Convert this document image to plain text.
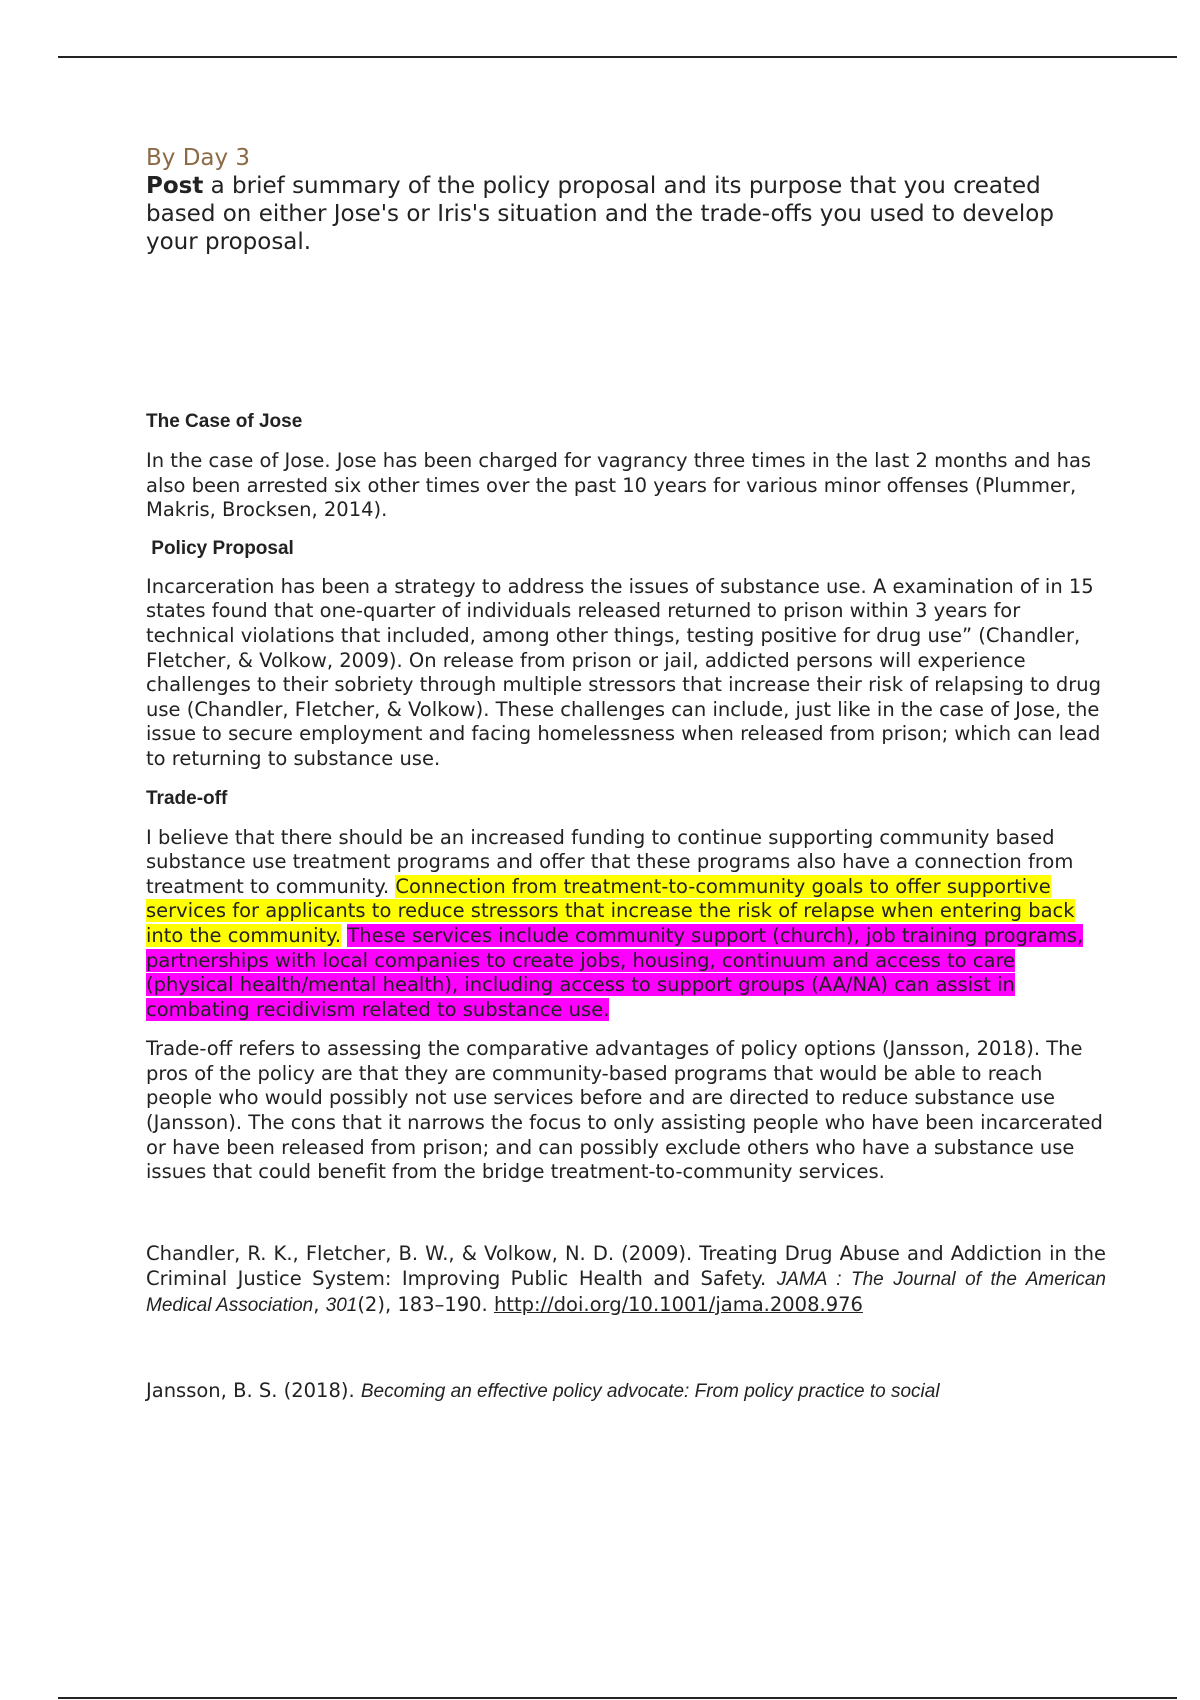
By Day 3

Post a brief summary of the policy proposal and its purpose that you created based on either Jose's or Iris's situation and the trade-offs you used to develop your proposal.

The Case of Jose

In the case of Jose. Jose has been charged for vagrancy three times in the last 2 months and has also been arrested six other times over the past 10 years for various minor offenses (Plummer, Makris, Brocksen, 2014).

Policy Proposal

Incarceration has been a strategy to address the issues of substance use. A examination of in 15 states found that one-quarter of individuals released returned to prison within 3 years for technical violations that included, among other things, testing positive for drug use” (Chandler, Fletcher, & Volkow, 2009). On release from prison or jail, addicted persons will experience challenges to their sobriety through multiple stressors that increase their risk of relapsing to drug use (Chandler, Fletcher, & Volkow). These challenges can include, just like in the case of Jose, the issue to secure employment and facing homelessness when released from prison; which can lead to returning to substance use.

Trade-off

I believe that there should be an increased funding to continue supporting community based substance use treatment programs and offer that these programs also have a connection from treatment to community. Connection from treatment-to-community goals to offer supportive services for applicants to reduce stressors that increase the risk of relapse when entering back into the community. These services include community support (church), job training programs, partnerships with local companies to create jobs, housing, continuum and access to care (physical health/mental health), including access to support groups (AA/NA) can assist in combating recidivism related to substance use.

Trade-off refers to assessing the comparative advantages of policy options (Jansson, 2018). The pros of the policy are that they are community-based programs that would be able to reach people who would possibly not use services before and are directed to reduce substance use (Jansson). The cons that it narrows the focus to only assisting people who have been incarcerated or have been released from prison; and can possibly exclude others who have a substance use issues that could benefit from the bridge treatment-to-community services.

Chandler, R. K., Fletcher, B. W., & Volkow, N. D. (2009). Treating Drug Abuse and Addiction in the Criminal Justice System: Improving Public Health and Safety. JAMA : The Journal of the American Medical Association, 301(2), 183–190. http://doi.org/10.1001/jama.2008.976

Jansson, B. S. (2018). Becoming an effective policy advocate: From policy practice to social
